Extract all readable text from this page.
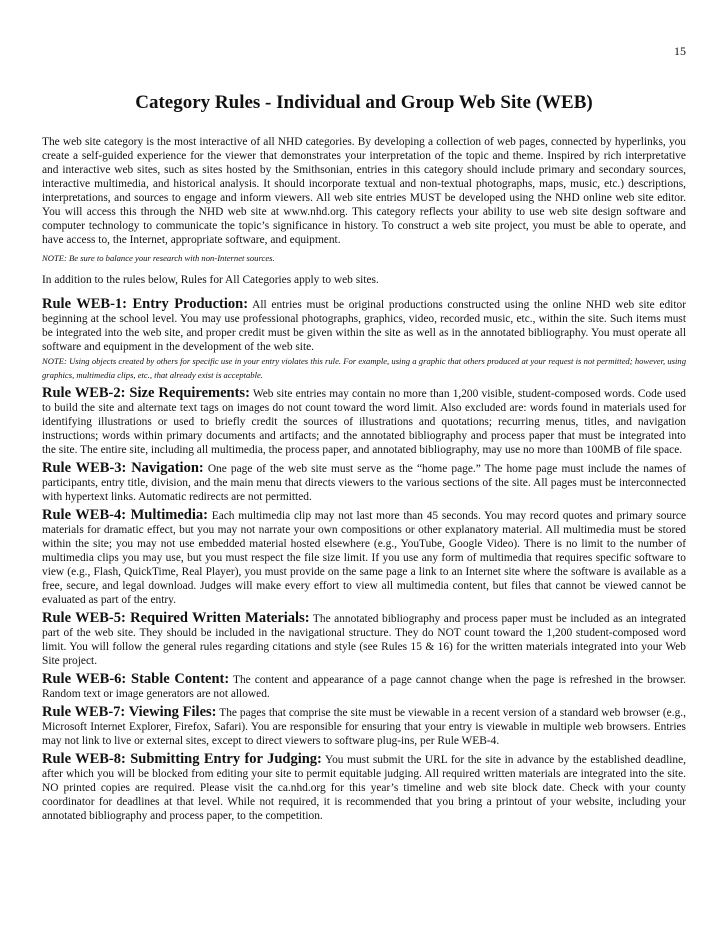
15
Category Rules - Individual and Group Web Site (WEB)

The web site category is the most interactive of all NHD categories. By developing a collection of web pages, connected by hyperlinks, you create a self-guided experience for the viewer that demonstrates your interpretation of the topic and theme. Inspired by rich interpretative and interactive web sites, such as sites hosted by the Smithsonian, entries in this category should include primary and secondary sources, interactive multimedia, and historical analysis. It should incorporate textual and non-textual photographs, maps, music, etc.) descriptions, interpretations, and sources to engage and inform viewers. All web site entries MUST be developed using the NHD online web site editor. You will access this through the NHD web site at www.nhd.org. This category reflects your ability to use web site design software and computer technology to communicate the topic’s significance in history. To construct a web site project, you must be able to operate, and have access to, the Internet, appropriate software, and equipment.

NOTE: Be sure to balance your research with non-Internet sources.

In addition to the rules below, Rules for All Categories apply to web sites.

Rule WEB-1: Entry Production: All entries must be original productions constructed using the online NHD web site editor beginning at the school level. You may use professional photographs, graphics, video, recorded music, etc., within the site. Such items must be integrated into the web site, and proper credit must be given within the site as well as in the annotated bibliography. You must operate all software and equipment in the development of the web site.

NOTE: Using objects created by others for specific use in your entry violates this rule. For example, using a graphic that others produced at your request is not permitted; however, using graphics, multimedia clips, etc., that already exist is acceptable.

Rule WEB-2: Size Requirements: Web site entries may contain no more than 1,200 visible, student-composed words. Code used to build the site and alternate text tags on images do not count toward the word limit. Also excluded are: words found in materials used for identifying illustrations or used to briefly credit the sources of illustrations and quotations; recurring menus, titles, and navigation instructions; words within primary documents and artifacts; and the annotated bibliography and process paper that must be integrated into the site. The entire site, including all multimedia, the process paper, and annotated bibliography, may use no more than 100MB of file space.

Rule WEB-3: Navigation: One page of the web site must serve as the “home page.” The home page must include the names of participants, entry title, division, and the main menu that directs viewers to the various sections of the site. All pages must be interconnected with hypertext links. Automatic redirects are not permitted.

Rule WEB-4: Multimedia: Each multimedia clip may not last more than 45 seconds. You may record quotes and primary source materials for dramatic effect, but you may not narrate your own compositions or other explanatory material. All multimedia must be stored within the site; you may not use embedded material hosted elsewhere (e.g., YouTube, Google Video). There is no limit to the number of multimedia clips you may use, but you must respect the file size limit. If you use any form of multimedia that requires specific software to view (e.g., Flash, QuickTime, Real Player), you must provide on the same page a link to an Internet site where the software is available as a free, secure, and legal download. Judges will make every effort to view all multimedia content, but files that cannot be viewed cannot be evaluated as part of the entry.

Rule WEB-5: Required Written Materials: The annotated bibliography and process paper must be included as an integrated part of the web site. They should be included in the navigational structure. They do NOT count toward the 1,200 student-composed word limit. You will follow the general rules regarding citations and style (see Rules 15 & 16) for the written materials integrated into your Web Site project.

Rule WEB-6: Stable Content: The content and appearance of a page cannot change when the page is refreshed in the browser. Random text or image generators are not allowed.

Rule WEB-7: Viewing Files: The pages that comprise the site must be viewable in a recent version of a standard web browser (e.g., Microsoft Internet Explorer, Firefox, Safari). You are responsible for ensuring that your entry is viewable in multiple web browsers. Entries may not link to live or external sites, except to direct viewers to software plug-ins, per Rule WEB-4.

Rule WEB-8: Submitting Entry for Judging: You must submit the URL for the site in advance by the established deadline, after which you will be blocked from editing your site to permit equitable judging. All required written materials are integrated into the site. NO printed copies are required. Please visit the ca.nhd.org for this year’s timeline and web site block date. Check with your county coordinator for deadlines at that level. While not required, it is recommended that you bring a printout of your website, including your annotated bibliography and process paper, to the competition.
